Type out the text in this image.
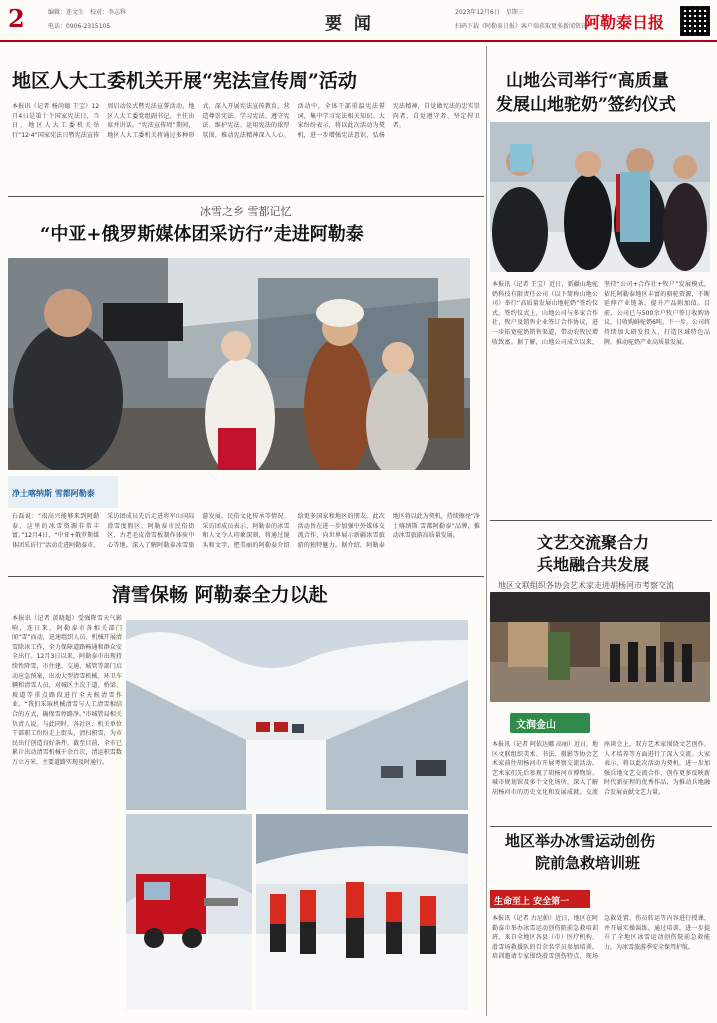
2	编辑：连文生　校对：李志科
电话：0906-2315105	要 闻
2023年12月6日　星期三
扫码下载《阿勒泰日报》客户端获取更多新闻资讯
阿勒泰日报
地区人大工委机关开展“宪法宣传周”活动
本报讯（记者 杨尚德 王宝）12月4日是第十个国家宪法日，当日，地区人大工委机关举行“12·4”国家宪法日暨宪法宣传周启动仪式暨宪法宣誓活动。地区人大工委党组副书记、主任出席并讲话。“宪法宣传周”期间，地区人大工委机关将通过多种形式，深入开展宪法宣传教育，营造尊崇宪法、学习宪法、遵守宪法、维护宪法、运用宪法的浓厚氛围，推动宪法精神深入人心。活动中，全体干部重温宪法誓词，集中学习宪法相关知识。大家纷纷表示，将以此次活动为契机，进一步增强宪法意识，弘扬宪法精神，自觉做宪法的忠实崇尚者、自觉遵守者、坚定捍卫者。
冰雪之乡 雪都记忆
“中亚+俄罗斯媒体团采访行”走进阿勒泰
净土喀纳斯 雪都阿勒泰
石磊说：“很高兴能够来到阿勒泰，这里的冰雪资源非常丰富。”12月4日，“中亚+俄罗斯媒体团采访行”活动走进阿勒泰市，采访团成员先后走进将军山国际滑雪度假区、阿勒泰市民俗街区、古老毛皮滑雪板制作体验中心等地，深入了解阿勒泰冰雪旅游发展、民俗文化传承等情况。采访团成员表示，阿勒泰的冰雪和人文令人印象深刻，将通过镜头和文字，把美丽的阿勒泰介绍给更多国家和地区的朋友。此次活动旨在进一步加强中外媒体交流合作，向世界展示新疆冰雪旅游的独特魅力。据介绍，阿勒泰地区将以此为契机，持续擦亮“净土喀纳斯 雪都阿勒泰”品牌，推动冰雪旅游高质量发展。
清雪保畅 阿勒泰全力以赴
本报讯（记者 黄晓超）受强降雪天气影响，连日来，阿勒泰市各相关部门闻“雪”而动，迅速组织人员、机械开展清雪除冰工作，全力保障道路畅通和群众安全出行。12月3日以来，阿勒泰市出现持续性降雪，市住建、交通、城管等部门启动应急预案，出动大型清雪机械、环卫车辆和清雪人员，对城区主次干道、桥梁、坡道等重点路段进行全天候清雪作业。“我们采取机械清雪与人工清雪相结合的方式，确保雪停路净。”市城管局相关负责人说。与此同时，各社区、机关单位干部职工纷纷走上街头，清扫积雪，为市民出行创造良好条件。截至目前，全市已累计出动清雪机械千余台次，清运积雪数万立方米，主要道路实现及时通行。
山地公司举行“高质量
发展山地驼奶”签约仪式
本报讯（记者 王宝）近日，新疆山地驼奶科技有限责任公司（以下简称山地公司）举行“高质量发展山地驼奶”签约仪式。签约仪式上，山地公司与多家合作社、牧户及销售企业签订合作协议，进一步拓宽驼奶销售渠道，带动农牧民增收致富。据了解，山地公司成立以来，坚持“公司+合作社+牧户”发展模式，依托阿勒泰地区丰富的骆驼资源，不断延伸产业链条，提升产品附加值。目前，公司已与500余户牧户签订收购协议，日收购鲜驼奶6吨。下一步，公司将持续加大研发投入，打造区域特色品牌，推动驼奶产业高质量发展。
文艺交流聚合力
兵地融合共发展
地区文联组织各协会艺术家走进胡杨河市考察交流
文润金山
本报讯（记者 阿依达娜 高丽）近日，地区文联组织美术、书法、摄影等协会艺术家前往胡杨河市开展考察交流活动。艺术家们先后参观了胡杨河市博物馆、城市规划馆及多个文化场所，深入了解胡杨河市的历史文化和发展成就。交流座谈会上，双方艺术家围绕文艺创作、人才培养等方面进行了深入交流。大家表示，将以此次活动为契机，进一步加强兵地文艺交流合作，创作更多反映新时代新征程的优秀作品，为推动兵地融合发展贡献文艺力量。
地区举办冰雪运动创伤
院前急救培训班
生命至上 安全第一
本报讯（记者 古尼帕）近日，地区在阿勒泰市举办冰雪运动创伤院前急救培训班，来自全地区各县（市）医疗机构、滑雪场救援队的百余名学员参加培训。培训邀请专家围绕滑雪创伤特点、现场急救处置、伤员转运等内容进行授课，并开展实操演练。通过培训，进一步提升了全地区冰雪运动创伤院前急救能力，为冰雪旅游季安全保驾护航。
